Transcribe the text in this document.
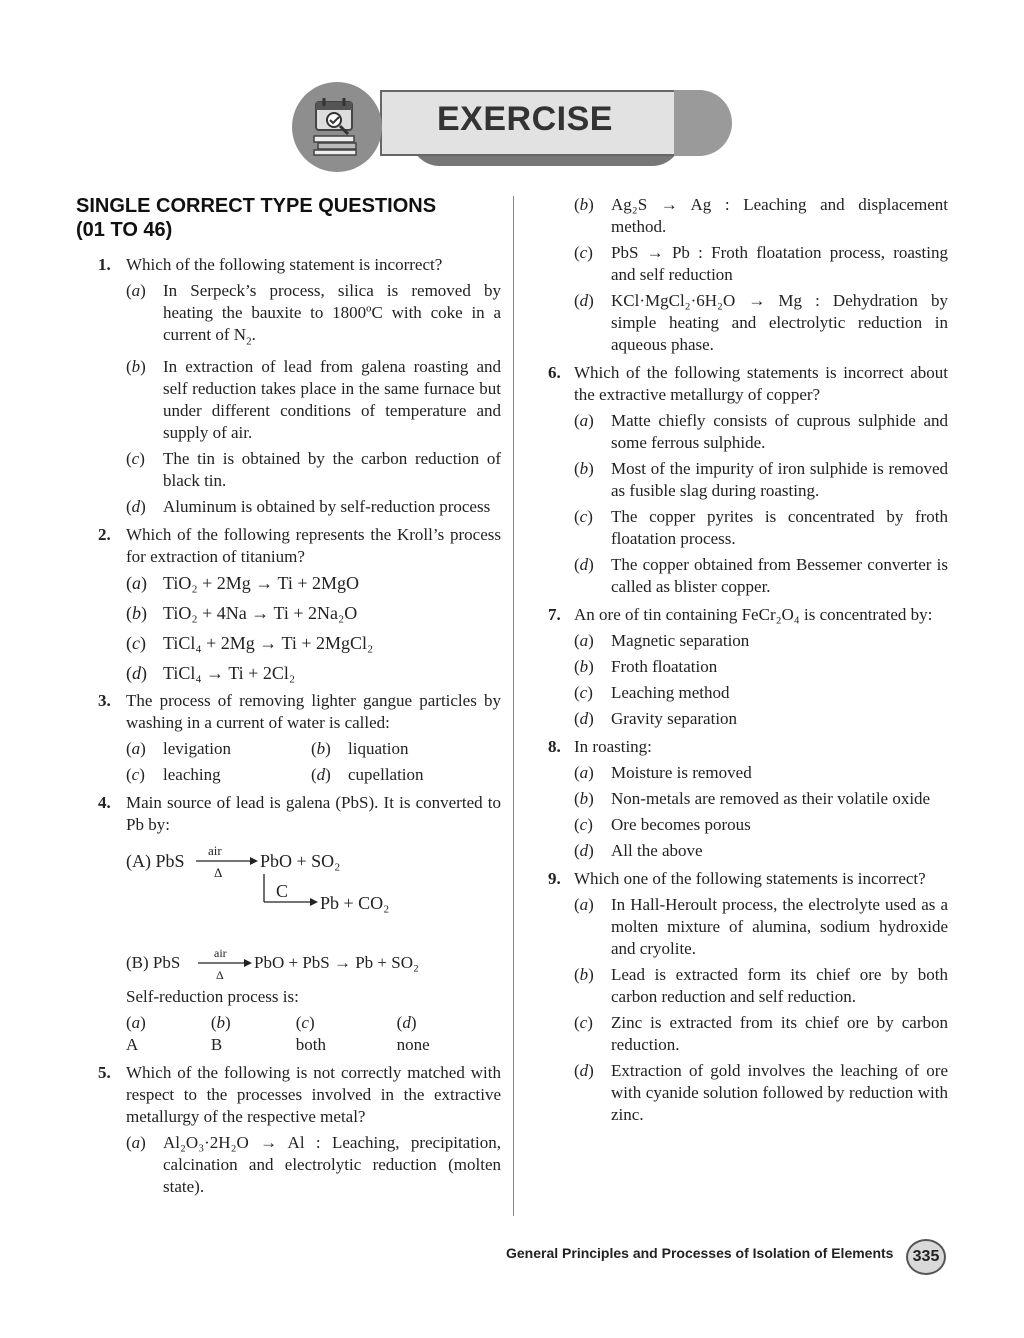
EXERCISE
SINGLE CORRECT TYPE QUESTIONS
(01 TO 46)
1. Which of the following statement is incorrect?
(a) In Serpeck’s process, silica is removed by heating the bauxite to 1800ºC with coke in a current of $N_2$.
(b) In extraction of lead from galena roasting and self reduction takes place in the same furnace but under different conditions of temperature and supply of air.
(c) The tin is obtained by the carbon reduction of black tin.
(d) Aluminum is obtained by self-reduction process
2. Which of the following represents the Kroll’s process for extraction of titanium?
(a) TiO₂ + 2Mg → Ti + 2MgO
(b) TiO₂ + 4Na → Ti + 2Na₂O
(c) TiCl₄ + 2Mg → Ti + 2MgCl₂
(d) TiCl₄ → Ti + 2Cl₂
3. The process of removing lighter gangue particles by washing in a current of water is called:
(a) levigation	(b) liquation
(c) leaching	(d) cupellation
4. Main source of lead is galena (PbS). It is converted to Pb by:
(A) PbS
air
Δ
PbO + SO₂
C
Pb + CO₂
(B) PbS	air
Δ
PbO + PbS → Pb + SO₂
Self-reduction process is:
(a) A
(b) B
(c) both
(d) none
5. Which of the following is not correctly matched with respect to the processes involved in the extractive metallurgy of the respective metal?
(a) Al₂O₃·2H₂O → Al : Leaching, precipitation, calcination and electrolytic reduction (molten state).
(b) Ag₂S → Ag : Leaching and displacement method.
(c) PbS → Pb : Froth floatation process, roasting and self reduction
(d) KCl·MgCl₂·6H₂O → Mg : Dehydration by simple heating and electrolytic reduction in aqueous phase.
6. Which of the following statements is incorrect about the extractive metallurgy of copper?
(a) Matte chiefly consists of cuprous sulphide and some ferrous sulphide.
(b) Most of the impurity of iron sulphide is removed as fusible slag during roasting.
(c) The copper pyrites is concentrated by froth floatation process.
(d) The copper obtained from Bessemer converter is called as blister copper.
7. An ore of tin containing FeCr₂O₄ is concentrated by:
(a) Magnetic separation
(b) Froth floatation
(c) Leaching method
(d) Gravity separation
8. In roasting:
(a) Moisture is removed
(b) Non-metals are removed as their volatile oxide
(c) Ore becomes porous
(d) All the above
9. Which one of the following statements is incorrect?
(a) In Hall-Heroult process, the electrolyte used as a molten mixture of alumina, sodium hydroxide and cryolite.
(b) Lead is extracted form its chief ore by both carbon reduction and self reduction.
(c) Zinc is extracted from its chief ore by carbon reduction.
(d) Extraction of gold involves the leaching of ore with cyanide solution followed by reduction with zinc.
General Principles and Processes of Isolation of Elements	335
